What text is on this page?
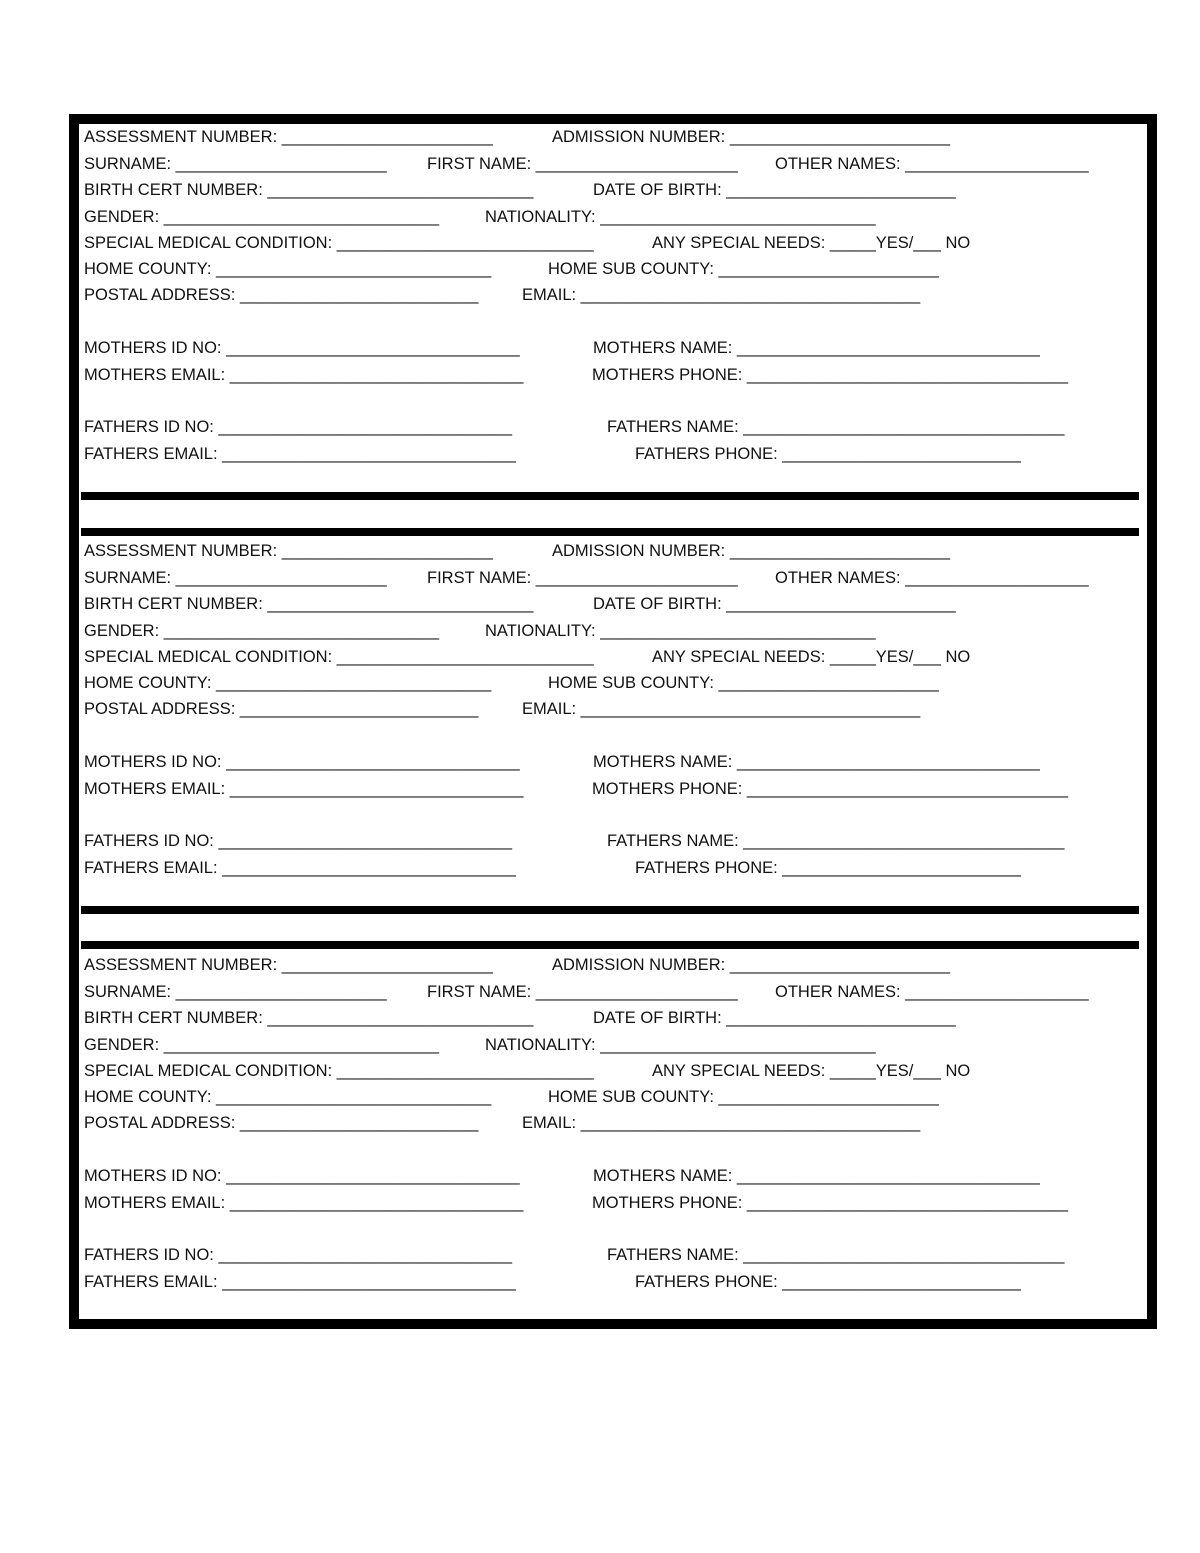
ASSESSMENT NUMBER: _______________________	ADMISSION NUMBER: ________________________
SURNAME: _______________________ FIRST NAME: ______________________ OTHER NAMES: ____________________
BIRTH CERT NUMBER: _____________________________	DATE OF BIRTH: _________________________
GENDER: ______________________________	NATIONALITY: ______________________________
SPECIAL MEDICAL CONDITION: ____________________________	ANY SPECIAL NEEDS: _____YES/___ NO
HOME COUNTY: ______________________________	HOME SUB COUNTY: ________________________
POSTAL ADDRESS: __________________________	EMAIL: _____________________________________
MOTHERS ID NO: ________________________________	MOTHERS NAME: _________________________________
MOTHERS EMAIL: ________________________________	MOTHERS PHONE: ___________________________________
FATHERS ID NO: ________________________________	FATHERS NAME: ___________________________________
FATHERS EMAIL: ________________________________	FATHERS PHONE: __________________________
ASSESSMENT NUMBER: _______________________	ADMISSION NUMBER: ________________________
SURNAME: _______________________ FIRST NAME: ______________________ OTHER NAMES: ____________________
BIRTH CERT NUMBER: _____________________________	DATE OF BIRTH: _________________________
GENDER: ______________________________	NATIONALITY: ______________________________
SPECIAL MEDICAL CONDITION: ____________________________	ANY SPECIAL NEEDS: _____YES/___ NO
HOME COUNTY: ______________________________	HOME SUB COUNTY: ________________________
POSTAL ADDRESS: __________________________	EMAIL: _____________________________________
MOTHERS ID NO: ________________________________	MOTHERS NAME: _________________________________
MOTHERS EMAIL: ________________________________	MOTHERS PHONE: ___________________________________
FATHERS ID NO: ________________________________	FATHERS NAME: ___________________________________
FATHERS EMAIL: ________________________________	FATHERS PHONE: __________________________
ASSESSMENT NUMBER: _______________________	ADMISSION NUMBER: ________________________
SURNAME: _______________________ FIRST NAME: ______________________ OTHER NAMES: ____________________
BIRTH CERT NUMBER: _____________________________	DATE OF BIRTH: _________________________
GENDER: ______________________________	NATIONALITY: ______________________________
SPECIAL MEDICAL CONDITION: ____________________________	ANY SPECIAL NEEDS: _____YES/___ NO
HOME COUNTY: ______________________________	HOME SUB COUNTY: ________________________
POSTAL ADDRESS: __________________________	EMAIL: _____________________________________
MOTHERS ID NO: ________________________________	MOTHERS NAME: _________________________________
MOTHERS EMAIL: ________________________________	MOTHERS PHONE: ___________________________________
FATHERS ID NO: ________________________________	FATHERS NAME: ___________________________________
FATHERS EMAIL: ________________________________	FATHERS PHONE: __________________________
